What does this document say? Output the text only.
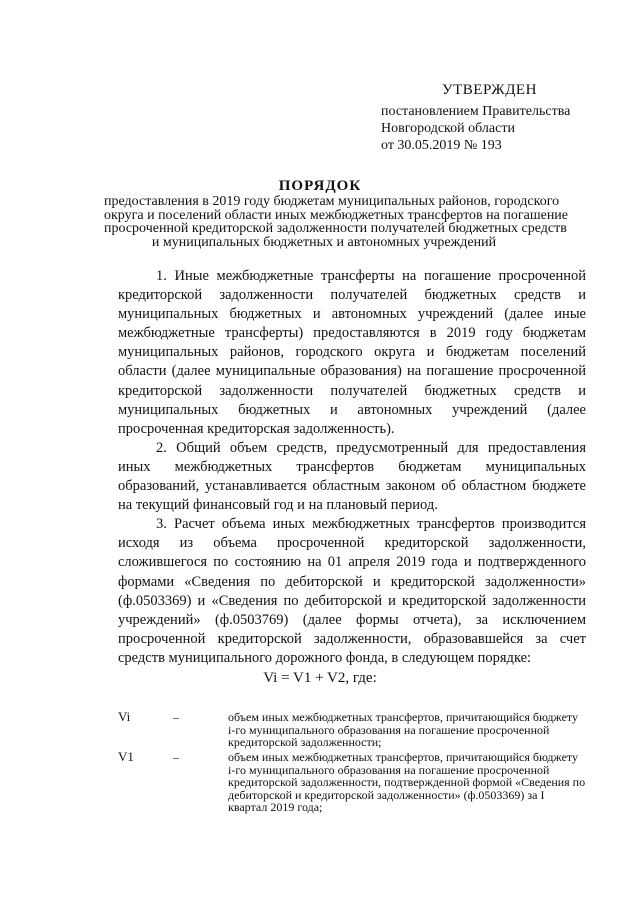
УТВЕРЖДЕН
постановлением Правительства
Новгородской области
от 30.05.2019 № 193
ПОРЯДОК
предоставления в 2019 году бюджетам муниципальных районов, городского
округа и поселений области иных межбюджетных трансфертов на погашение
просроченной кредиторской задолженности получателей бюджетных средств
и муниципальных бюджетных и автономных учреждений

1. Иные межбюджетные трансферты на погашение просроченной кредиторской задолженности получателей бюджетных средств и муниципальных бюджетных и автономных учреждений (далее иные межбюджетные трансферты) предоставляются в 2019 году бюджетам муниципальных районов, городского округа и бюджетам поселений области (далее муниципальные образования) на погашение просроченной кредиторской задолженности получателей бюджетных средств и муниципальных бюджетных и автономных учреждений (далее просроченная кредиторская задолженность).

2. Общий объем средств, предусмотренный для предоставления иных межбюджетных трансфертов бюджетам муниципальных образований, устанавливается областным законом об областном бюджете на текущий финансовый год и на плановый период.

3. Расчет объема иных межбюджетных трансфертов производится исходя из объема просроченной кредиторской задолженности, сложившегося по состоянию на 01 апреля 2019 года и подтвержденного формами «Сведения по дебиторской и кредиторской задолженности» (ф.0503369) и «Сведения по дебиторской и кредиторской задолженности учреждений» (ф.0503769) (далее формы отчета), за исключением просроченной кредиторской задолженности, образовавшейся за счет средств муниципального дорожного фонда, в следующем порядке:

Vi = V1 + V2, где:
Vi	–	объем иных межбюджетных трансфертов, причитающийся бюджету i-го муниципального образования на погашение просроченной кредиторской задолженности;
V1	–	объем иных межбюджетных трансфертов, причитающийся бюджету i-го муниципального образования на погашение просроченной кредиторской задолженности, подтвержденной формой «Сведения по дебиторской и кредиторской задолженности» (ф.0503369) за I квартал 2019 года;
